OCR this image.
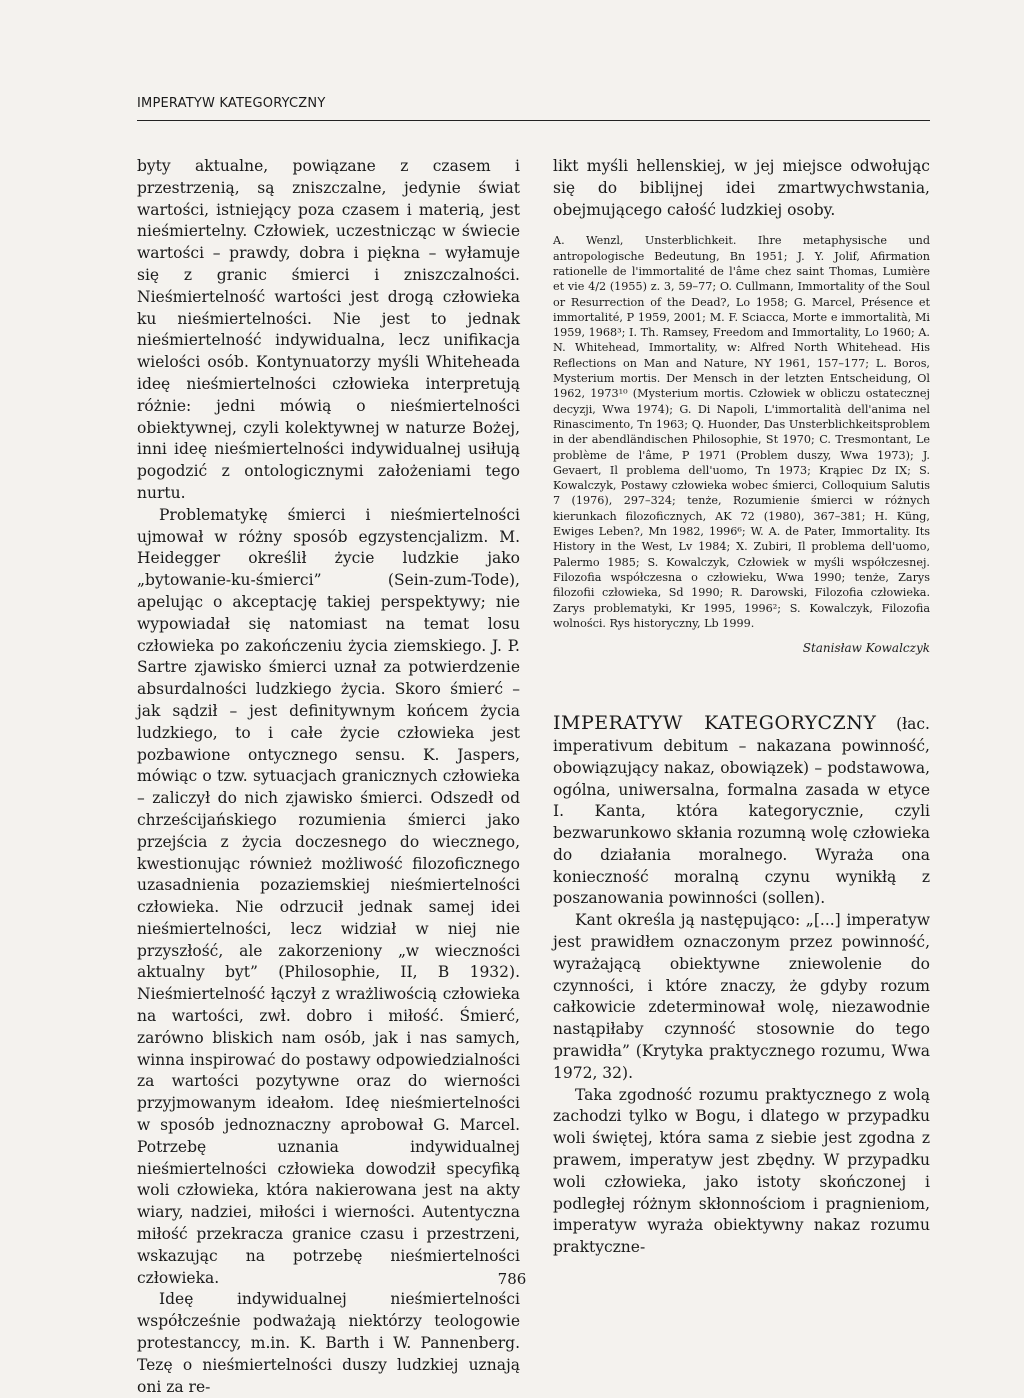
IMPERATYW KATEGORYCZNY

byty aktualne, powiązane z czasem i przestrzenią, są zniszczalne, jedynie świat wartości, istniejący poza czasem i materią, jest nieśmiertelny. Człowiek, uczestnicząc w świecie wartości – prawdy, dobra i piękna – wyłamuje się z granic śmierci i zniszczalności. Nieśmiertelność wartości jest drogą człowieka ku nieśmiertelności. Nie jest to jednak nieśmiertelność indywidualna, lecz unifikacja wielości osób. Kontynuatorzy myśli Whiteheada ideę nieśmiertelności człowieka interpretują różnie: jedni mówią o nieśmiertelności obiektywnej, czyli kolektywnej w naturze Bożej, inni ideę nieśmiertelności indywidualnej usiłują pogodzić z ontologicznymi założeniami tego nurtu.

Problematykę śmierci i nieśmiertelności ujmował w różny sposób egzystencjalizm. M. Heidegger określił życie ludzkie jako „bytowanie-ku-śmierci” (Sein-zum-Tode), apelując o akceptację takiej perspektywy; nie wypowiadał się natomiast na temat losu człowieka po zakończeniu życia ziemskiego. J. P. Sartre zjawisko śmierci uznał za potwierdzenie absurdalności ludzkiego życia. Skoro śmierć – jak sądził – jest definitywnym końcem życia ludzkiego, to i całe życie człowieka jest pozbawione ontycznego sensu. K. Jaspers, mówiąc o tzw. sytuacjach granicznych człowieka – zaliczył do nich zjawisko śmierci. Odszedł od chrześcijańskiego rozumienia śmierci jako przejścia z życia doczesnego do wiecznego, kwestionując również możliwość filozoficznego uzasadnienia pozaziemskiej nieśmiertelności człowieka. Nie odrzucił jednak samej idei nieśmiertelności, lecz widział w niej nie przyszłość, ale zakorzeniony „w wieczności aktualny byt” (Philosophie, II, B 1932). Nieśmiertelność łączył z wrażliwością człowieka na wartości, zwł. dobro i miłość. Śmierć, zarówno bliskich nam osób, jak i nas samych, winna inspirować do postawy odpowiedzialności za wartości pozytywne oraz do wierności przyjmowanym ideałom. Ideę nieśmiertelności w sposób jednoznaczny aprobował G. Marcel. Potrzebę uznania indywidualnej nieśmiertelności człowieka dowodził specyfiką woli człowieka, która nakierowana jest na akty wiary, nadziei, miłości i wierności. Autentyczna miłość przekracza granice czasu i przestrzeni, wskazując na potrzebę nieśmiertelności człowieka.

Ideę indywidualnej nieśmiertelności współcześnie podważają niektórzy teologowie protestanccy, m.in. K. Barth i W. Pannenberg. Tezę o nieśmiertelności duszy ludzkiej uznają oni za re-

likt myśli hellenskiej, w jej miejsce odwołując się do biblijnej idei zmartwychwstania, obejmującego całość ludzkiej osoby.

A. Wenzl, Unsterblichkeit. Ihre metaphysische und antropologische Bedeutung, Bn 1951; J. Y. Jolif, Afirmation rationelle de l'immortalité de l'âme chez saint Thomas, Lumière et vie 4/2 (1955) z. 3, 59–77; O. Cullmann, Immortality of the Soul or Resurrection of the Dead?, Lo 1958; G. Marcel, Présence et immortalité, P 1959, 2001; M. F. Sciacca, Morte e immortalità, Mi 1959, 1968³; I. Th. Ramsey, Freedom and Immortality, Lo 1960; A. N. Whitehead, Immortality, w: Alfred North Whitehead. His Reflections on Man and Nature, NY 1961, 157–177; L. Boros, Mysterium mortis. Der Mensch in der letzten Entscheidung, Ol 1962, 1973¹⁰ (Mysterium mortis. Człowiek w obliczu ostatecznej decyzji, Wwa 1974); G. Di Napoli, L'immortalità dell'anima nel Rinascimento, Tn 1963; Q. Huonder, Das Unsterblichkeitsproblem in der abendländischen Philosophie, St 1970; C. Tresmontant, Le problème de l'âme, P 1971 (Problem duszy, Wwa 1973); J. Gevaert, Il problema dell'uomo, Tn 1973; Krąpiec Dz IX; S. Kowalczyk, Postawy człowieka wobec śmierci, Colloquium Salutis 7 (1976), 297–324; tenże, Rozumienie śmierci w różnych kierunkach filozoficznych, AK 72 (1980), 367–381; H. Küng, Ewiges Leben?, Mn 1982, 1996⁶; W. A. de Pater, Immortality. Its History in the West, Lv 1984; X. Zubiri, Il problema dell'uomo, Palermo 1985; S. Kowalczyk, Człowiek w myśli współczesnej. Filozofia współczesna o człowieku, Wwa 1990; tenże, Zarys filozofii człowieka, Sd 1990; R. Darowski, Filozofia człowieka. Zarys problematyki, Kr 1995, 1996²; S. Kowalczyk, Filozofia wolności. Rys historyczny, Lb 1999.

Stanisław Kowalczyk

IMPERATYW KATEGORYCZNY (łac. imperativum debitum – nakazana powinność, obowiązujący nakaz, obowiązek) – podstawowa, ogólna, uniwersalna, formalna zasada w etyce I. Kanta, która kategorycznie, czyli bezwarunkowo skłania rozumną wolę człowieka do działania moralnego. Wyraża ona konieczność moralną czynu wynikłą z poszanowania powinności (sollen).

Kant określa ją następująco: „[...] imperatyw jest prawidłem oznaczonym przez powinność, wyrażającą obiektywne zniewolenie do czynności, i które znaczy, że gdyby rozum całkowicie zdeterminował wolę, niezawodnie nastąpiłaby czynność stosownie do tego prawidła” (Krytyka praktycznego rozumu, Wwa 1972, 32).

Taka zgodność rozumu praktycznego z wolą zachodzi tylko w Bogu, i dlatego w przypadku woli świętej, która sama z siebie jest zgodna z prawem, imperatyw jest zbędny. W przypadku woli człowieka, jako istoty skończonej i podległej różnym skłonnościom i pragnieniom, imperatyw wyraża obiektywny nakaz rozumu praktyczne-

786
